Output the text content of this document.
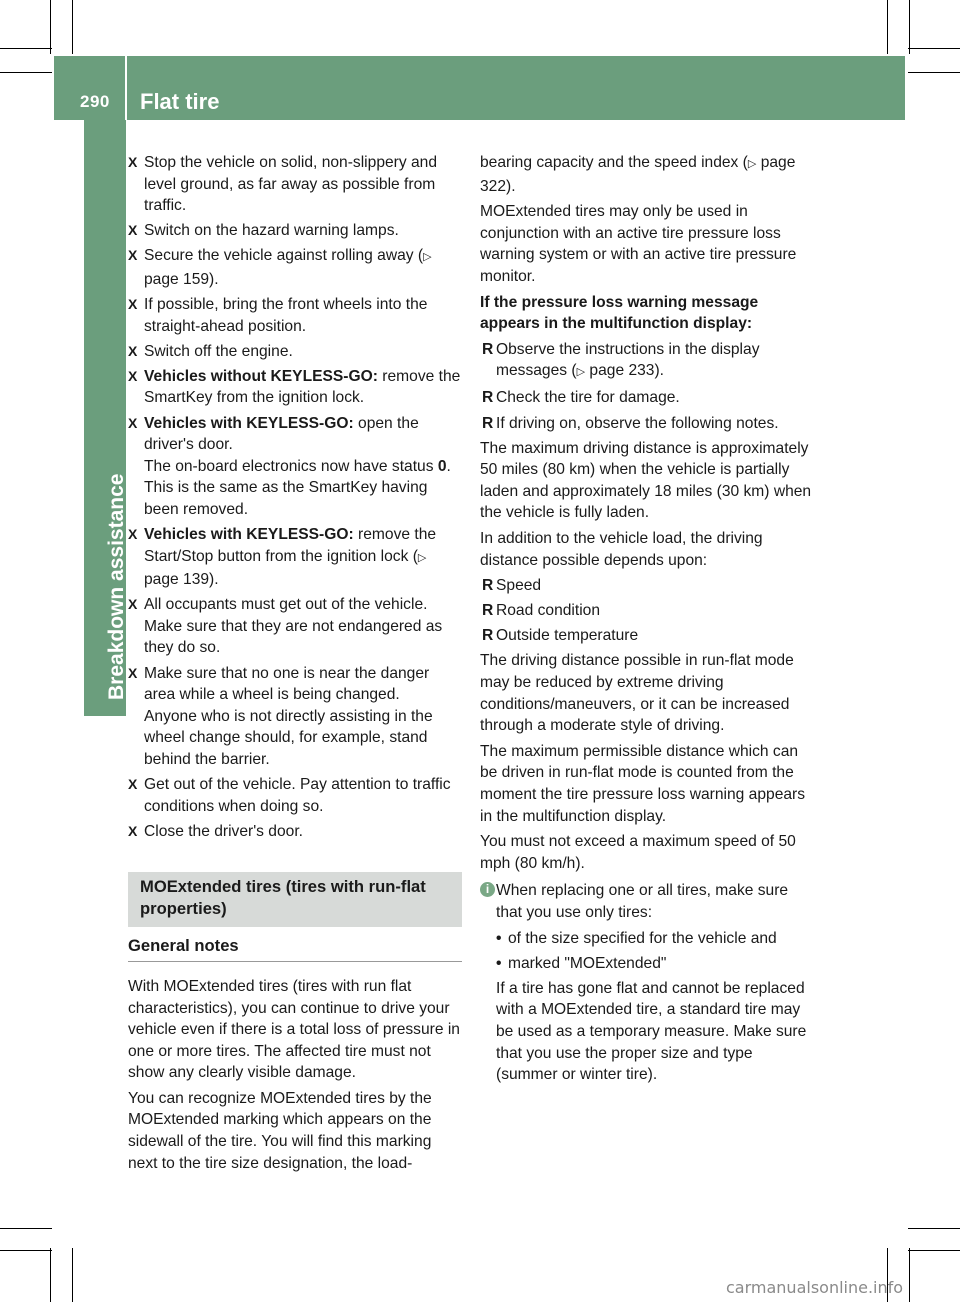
290 Flat tire
Breakdown assistance
X Stop the vehicle on solid, non-slippery and level ground, as far away as possible from traffic.
X Switch on the hazard warning lamps.
X Secure the vehicle against rolling away (▷ page 159).
X If possible, bring the front wheels into the straight-ahead position.
X Switch off the engine.
X Vehicles without KEYLESS-GO: remove the SmartKey from the ignition lock.
X Vehicles with KEYLESS-GO: open the driver's door.
The on-board electronics now have status 0. This is the same as the SmartKey having been removed.
X Vehicles with KEYLESS-GO: remove the Start/Stop button from the ignition lock (▷ page 139).
X All occupants must get out of the vehicle. Make sure that they are not endangered as they do so.
X Make sure that no one is near the danger area while a wheel is being changed.
Anyone who is not directly assisting in the wheel change should, for example, stand behind the barrier.
X Get out of the vehicle. Pay attention to traffic conditions when doing so.
X Close the driver's door.
MOExtended tires (tires with run-flat properties)
General notes
With MOExtended tires (tires with run flat characteristics), you can continue to drive your vehicle even if there is a total loss of pressure in one or more tires. The affected tire must not show any clearly visible damage.
You can recognize MOExtended tires by the MOExtended marking which appears on the sidewall of the tire. You will find this marking next to the tire size designation, the load-
bearing capacity and the speed index (▷ page 322).
MOExtended tires may only be used in conjunction with an active tire pressure loss warning system or with an active tire pressure monitor.
If the pressure loss warning message appears in the multifunction display:
R Observe the instructions in the display messages (▷ page 233).
R Check the tire for damage.
R If driving on, observe the following notes.
The maximum driving distance is approximately 50 miles (80 km) when the vehicle is partially laden and approximately 18 miles (30 km) when the vehicle is fully laden.
In addition to the vehicle load, the driving distance possible depends upon:
R Speed
R Road condition
R Outside temperature
The driving distance possible in run-flat mode may be reduced by extreme driving conditions/maneuvers, or it can be increased through a moderate style of driving.
The maximum permissible distance which can be driven in run-flat mode is counted from the moment the tire pressure loss warning appears in the multifunction display.
You must not exceed a maximum speed of 50 mph (80 km/h).
i When replacing one or all tires, make sure that you use only tires:
• of the size specified for the vehicle and
• marked "MOExtended"
If a tire has gone flat and cannot be replaced with a MOExtended tire, a standard tire may be used as a temporary measure. Make sure that you use the proper size and type (summer or winter tire).
carmanualsonline.info
